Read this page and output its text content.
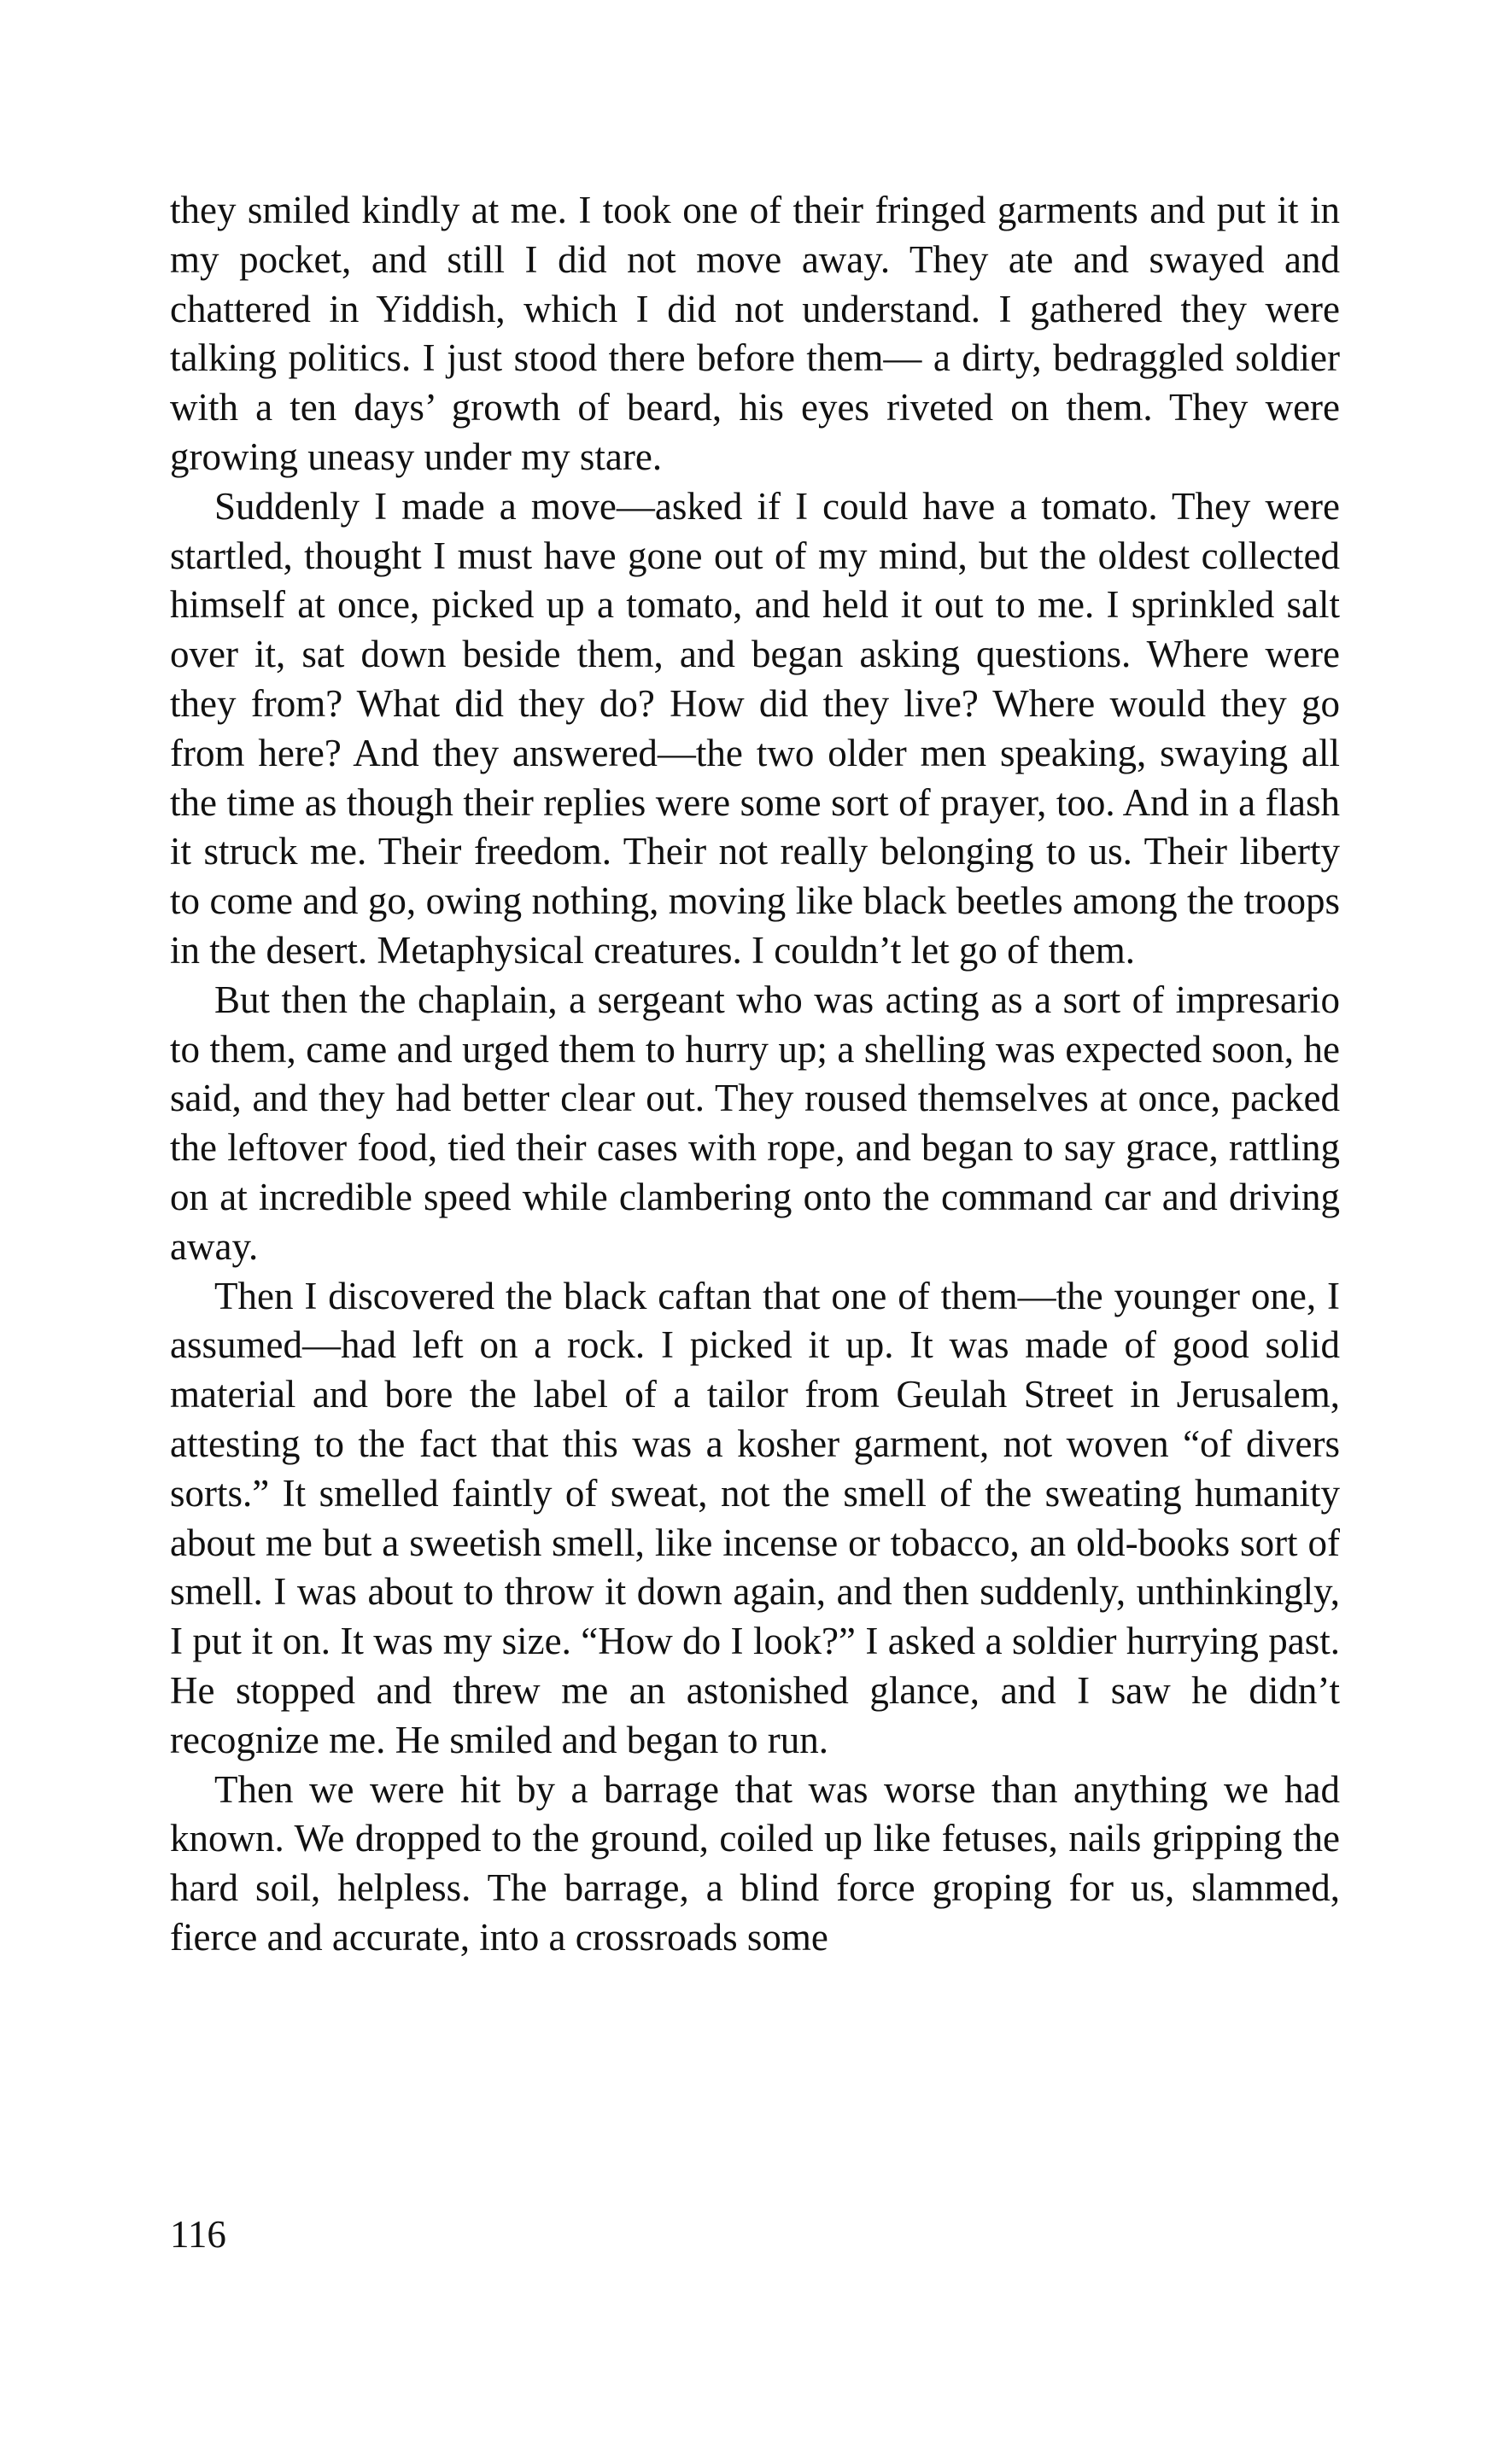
they smiled kindly at me. I took one of their fringed garments and put it in my pocket, and still I did not move away. They ate and swayed and chattered in Yiddish, which I did not understand. I gathered they were talking politics. I just stood there before them— a dirty, bedraggled soldier with a ten days’ growth of beard, his eyes riveted on them. They were growing uneasy under my stare.

Suddenly I made a move—asked if I could have a tomato. They were startled, thought I must have gone out of my mind, but the oldest collected himself at once, picked up a tomato, and held it out to me. I sprinkled salt over it, sat down beside them, and began asking questions. Where were they from? What did they do? How did they live? Where would they go from here? And they answered—the two older men speaking, swaying all the time as though their replies were some sort of prayer, too. And in a flash it struck me. Their freedom. Their not really belonging to us. Their liberty to come and go, owing nothing, moving like black beetles among the troops in the desert. Metaphysical creatures. I couldn’t let go of them.

But then the chaplain, a sergeant who was acting as a sort of impresario to them, came and urged them to hurry up; a shelling was expected soon, he said, and they had better clear out. They roused themselves at once, packed the leftover food, tied their cases with rope, and began to say grace, rattling on at incredible speed while clambering onto the command car and driving away.

Then I discovered the black caftan that one of them—the younger one, I assumed—had left on a rock. I picked it up. It was made of good solid material and bore the label of a tailor from Geulah Street in Jerusalem, attesting to the fact that this was a kosher garment, not woven “of divers sorts.” It smelled faintly of sweat, not the smell of the sweating humanity about me but a sweetish smell, like incense or tobacco, an old-books sort of smell. I was about to throw it down again, and then suddenly, unthinkingly, I put it on. It was my size. “How do I look?” I asked a soldier hurrying past. He stopped and threw me an astonished glance, and I saw he didn’t recognize me. He smiled and began to run.

Then we were hit by a barrage that was worse than anything we had known. We dropped to the ground, coiled up like fetuses, nails gripping the hard soil, helpless. The barrage, a blind force groping for us, slammed, fierce and accurate, into a crossroads some

116
